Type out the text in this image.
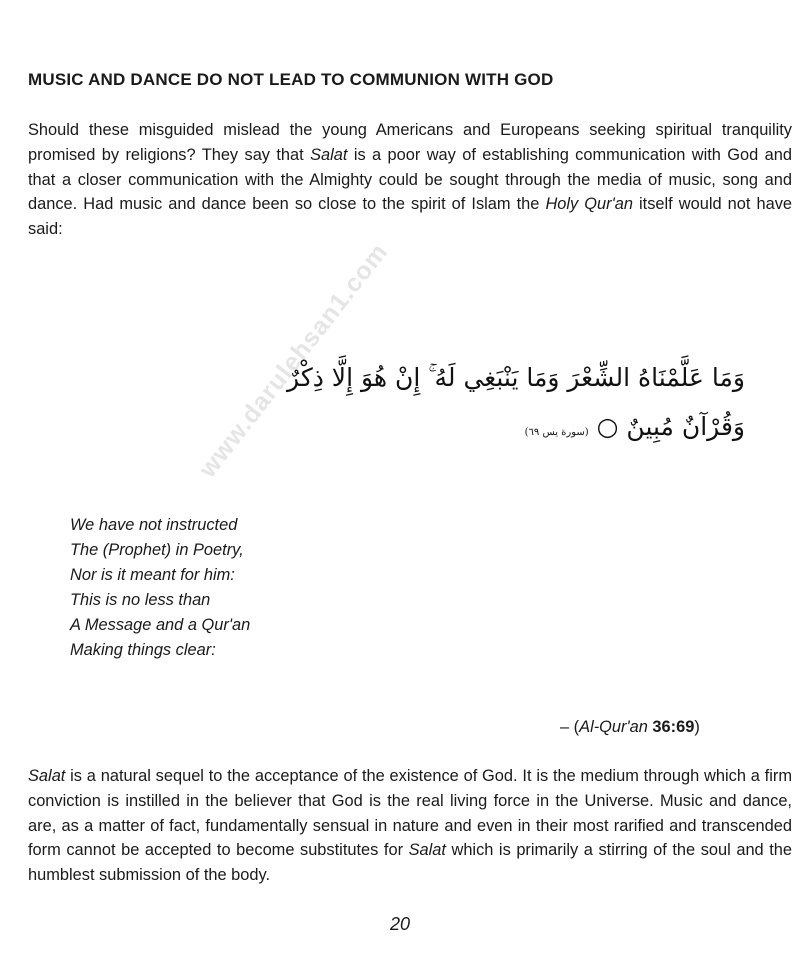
MUSIC AND DANCE DO NOT LEAD TO COMMUNION WITH GOD

Should these misguided mislead the young Americans and Europeans seeking spiritual tranquility promised by religions? They say that Salat is a poor way of establishing communication with God and that a closer communication with the Almighty could be sought through the media of music, song and dance. Had music and dance been so close to the spirit of Islam the Holy Qur'an itself would not have said:

وَمَا عَلَّمْنَاهُ الشِّعْرَ وَمَا يَنْبَغِي لَهُ ۚ إِنْ هُوَ إِلَّا ذِكْرٌ
وَقُرْآنٌ مُبِينٌ ○ (سورة يس ٦٩)
www.darulehsan1.com
We have not instructed
The (Prophet) in Poetry,
Nor is it meant for him:
This is no less than
A Message and a Qur'an
Making things clear:
– (Al-Qur'an 36:69)

Salat is a natural sequel to the acceptance of the existence of God. It is the medium through which a firm conviction is instilled in the believer that God is the real living force in the Universe. Music and dance, are, as a matter of fact, fundamentally sensual in nature and even in their most rarified and transcended form cannot be accepted to become substitutes for Salat which is primarily a stirring of the soul and the humblest submission of the body.

20
